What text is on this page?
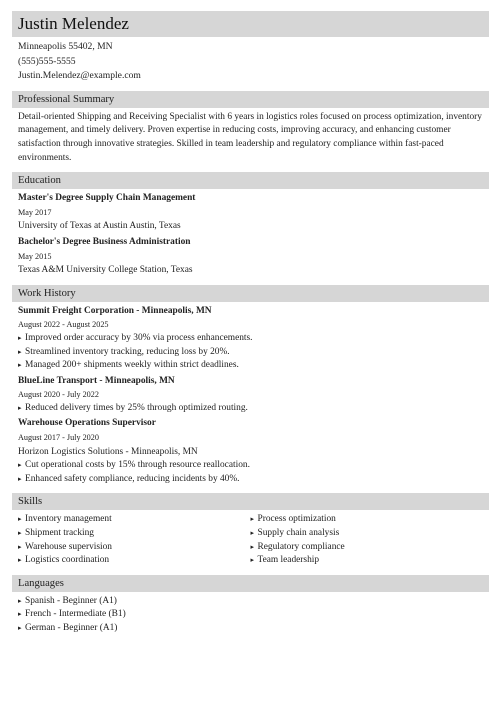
Justin Melendez
Minneapolis 55402, MN
(555)555-5555
Justin.Melendez@example.com
Professional Summary
Detail-oriented Shipping and Receiving Specialist with 6 years in logistics roles focused on process optimization, inventory management, and timely delivery. Proven expertise in reducing costs, improving accuracy, and enhancing customer satisfaction through innovative strategies. Skilled in team leadership and regulatory compliance within fast-paced environments.
Education
Master's Degree Supply Chain Management
May 2017
University of Texas at Austin Austin, Texas
Bachelor's Degree Business Administration
May 2015
Texas A&M University College Station, Texas
Work History
Summit Freight Corporation - Minneapolis, MN
August 2022 - August 2025
▸ Improved order accuracy by 30% via process enhancements.
▸ Streamlined inventory tracking, reducing loss by 20%.
▸ Managed 200+ shipments weekly within strict deadlines.
BlueLine Transport - Minneapolis, MN
August 2020 - July 2022
▸ Reduced delivery times by 25% through optimized routing.
Warehouse Operations Supervisor
August 2017 - July 2020
Horizon Logistics Solutions - Minneapolis, MN
▸ Cut operational costs by 15% through resource reallocation.
▸ Enhanced safety compliance, reducing incidents by 40%.
Skills
▸ Inventory management
▸ Shipment tracking
▸ Warehouse supervision
▸ Logistics coordination
▸ Process optimization
▸ Supply chain analysis
▸ Regulatory compliance
▸ Team leadership
Languages
▸ Spanish - Beginner (A1)
▸ French - Intermediate (B1)
▸ German - Beginner (A1)
